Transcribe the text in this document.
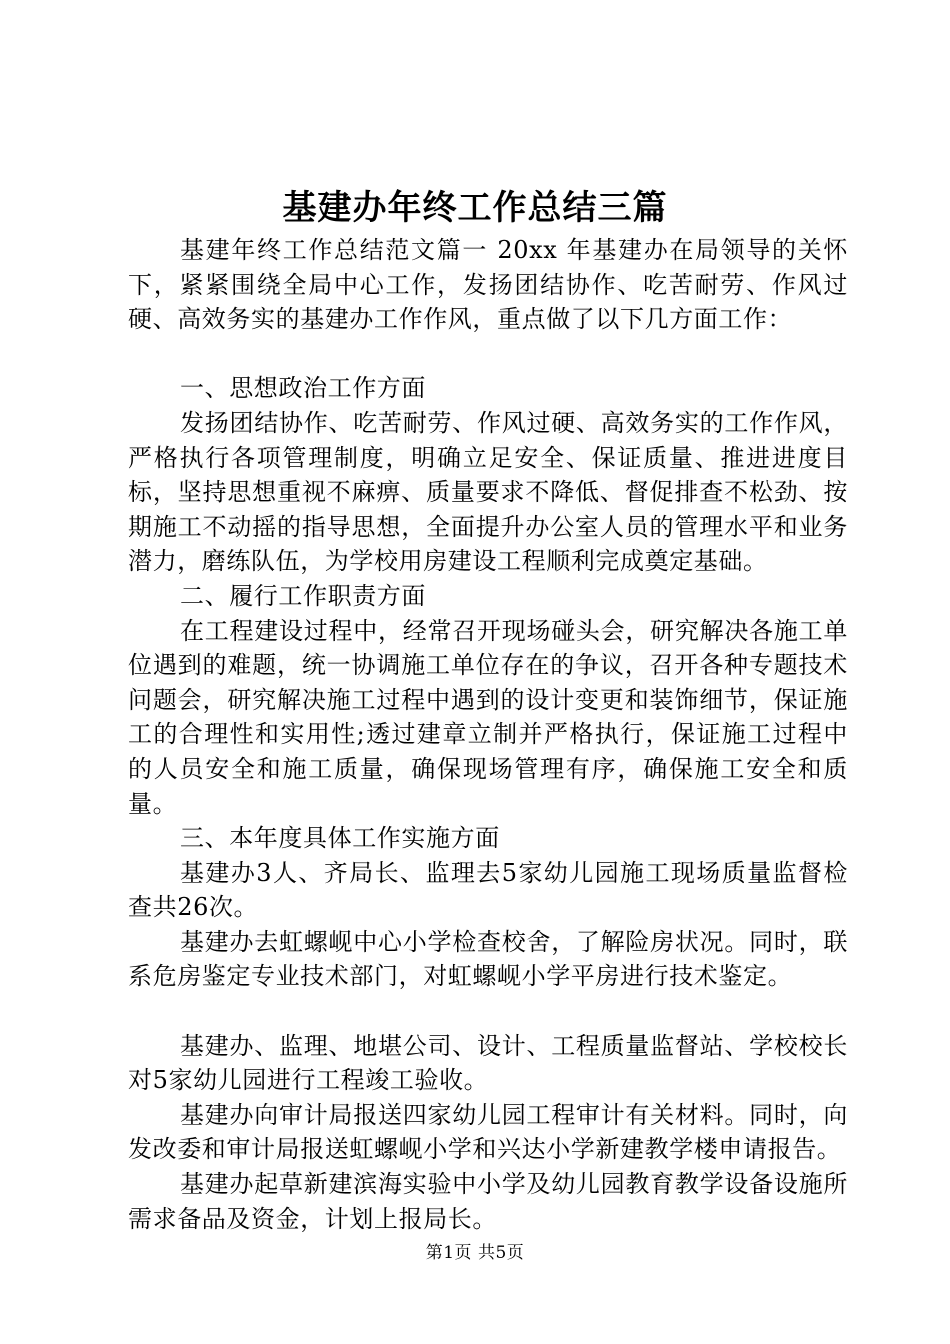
基建办年终工作总结三篇

基建年终工作总结范文篇一 20xx 年基建办在局领导的关怀下，紧紧围绕全局中心工作，发扬团结协作、吃苦耐劳、作风过硬、高效务实的基建办工作作风，重点做了以下几方面工作：

一、思想政治工作方面

发扬团结协作、吃苦耐劳、作风过硬、高效务实的工作作风，严格执行各项管理制度，明确立足安全、保证质量、推进进度目标，坚持思想重视不麻痹、质量要求不降低、督促排查不松劲、按期施工不动摇的指导思想，全面提升办公室人员的管理水平和业务潜力，磨练队伍，为学校用房建设工程顺利完成奠定基础。

二、履行工作职责方面

在工程建设过程中，经常召开现场碰头会，研究解决各施工单位遇到的难题，统一协调施工单位存在的争议，召开各种专题技术问题会，研究解决施工过程中遇到的设计变更和装饰细节，保证施工的合理性和实用性;透过建章立制并严格执行，保证施工过程中的人员安全和施工质量，确保现场管理有序，确保施工安全和质量。

三、本年度具体工作实施方面

基建办3人、齐局长、监理去5家幼儿园施工现场质量监督检查共26次。

基建办去虹螺岘中心小学检查校舍，了解险房状况。同时，联系危房鉴定专业技术部门，对虹螺岘小学平房进行技术鉴定。

基建办、监理、地堪公司、设计、工程质量监督站、学校校长对5家幼儿园进行工程竣工验收。

基建办向审计局报送四家幼儿园工程审计有关材料。同时，向发改委和审计局报送虹螺岘小学和兴达小学新建教学楼申请报告。

基建办起草新建滨海实验中小学及幼儿园教育教学设备设施所需求备品及资金，计划上报局长。

第1页 共5页
